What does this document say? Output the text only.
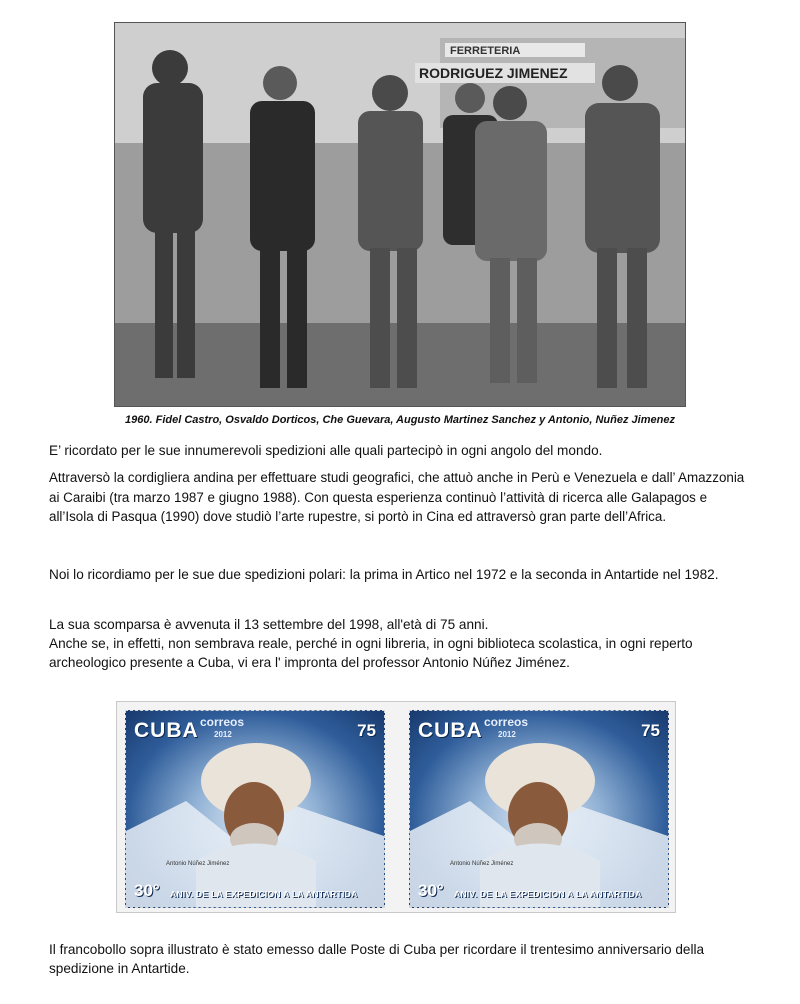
FERRETERIA
RODRIGUEZ JIMENEZ
1960. Fidel Castro, Osvaldo Dorticos, Che Guevara, Augusto Martinez Sanchez y Antonio, Nuñez Jimenez

E’ ricordato per le sue innumerevoli spedizioni alle quali partecipò in ogni angolo del mondo.

Attraversò la cordigliera andina per effettuare studi geografici, che attuò anche in Perù e Venezuela e dall’ Amazzonia ai Caraibi (tra marzo 1987 e giugno 1988). Con questa esperienza continuò l’attività di ricerca alle Galapagos e all’Isola di Pasqua (1990) dove studiò l’arte rupestre, si portò in Cina ed attraversò gran parte dell’Africa.

Noi lo ricordiamo per le sue due spedizioni polari: la prima in Artico nel 1972 e la seconda in Antartide nel 1982.

La sua scomparsa è avvenuta il 13 settembre del 1998, all'età di 75 anni.

Anche se, in effetti, non sembrava reale, perché in ogni libreria, in ogni biblioteca scolastica, in ogni reperto archeologico presente a Cuba, vi era l' impronta del professor Antonio Núñez Jiménez.

CUBA correos
2012	75
Antonio Núñez Jiménez
30° ANIV. DE LA EXPEDICION A LA ANTARTIDA
CUBA correos
2012	75
Antonio Núñez Jiménez
30° ANIV. DE LA EXPEDICION A LA ANTARTIDA

Il francobollo sopra illustrato è stato emesso dalle Poste di Cuba per ricordare il trentesimo anniversario della spedizione in Antartide.
